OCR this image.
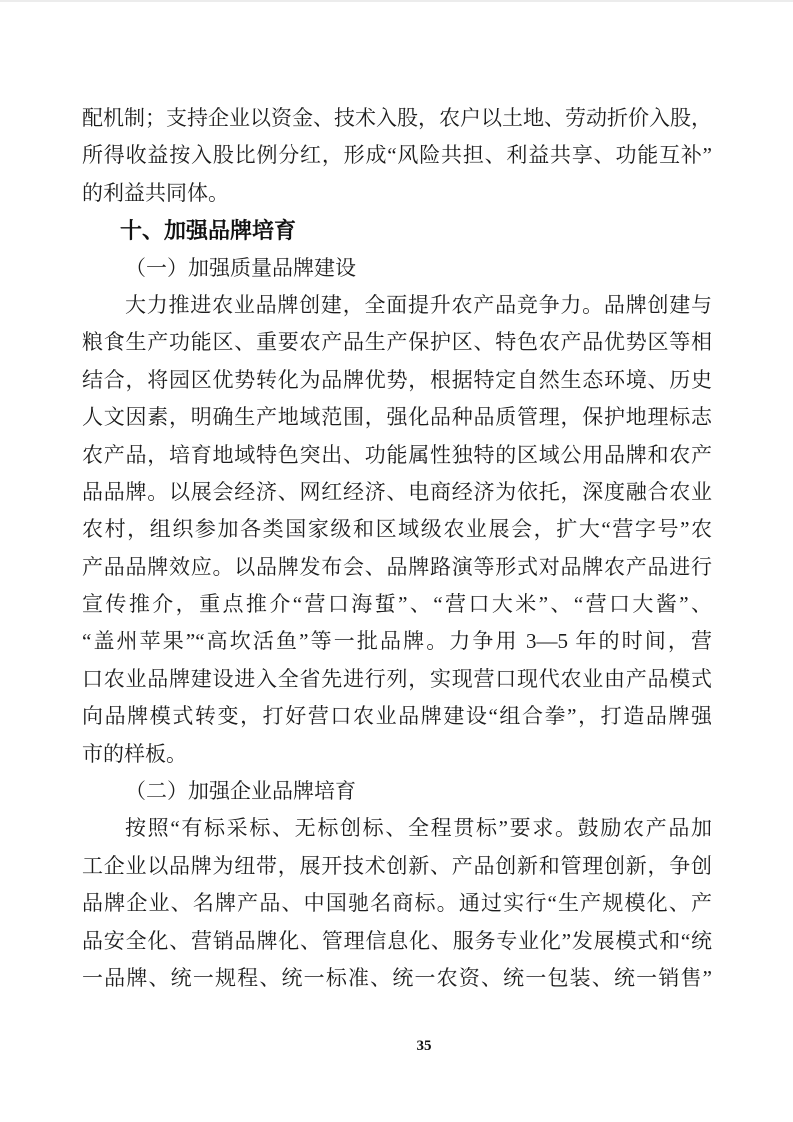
配机制；支持企业以资金、技术入股，农户以土地、劳动折价入股，
所得收益按入股比例分红，形成“风险共担、利益共享、功能互补”
的利益共同体。
十、加强品牌培育
（一）加强质量品牌建设
大力推进农业品牌创建，全面提升农产品竞争力。品牌创建与
粮食生产功能区、重要农产品生产保护区、特色农产品优势区等相
结合，将园区优势转化为品牌优势，根据特定自然生态环境、历史
人文因素，明确生产地域范围，强化品种品质管理，保护地理标志
农产品，培育地域特色突出、功能属性独特的区域公用品牌和农产
品品牌。以展会经济、网红经济、电商经济为依托，深度融合农业
农村，组织参加各类国家级和区域级农业展会，扩大“营字号”农
产品品牌效应。以品牌发布会、品牌路演等形式对品牌农产品进行
宣传推介，重点推介“营口海蜇”、“营口大米”、“营口大酱”、
“盖州苹果”“高坎活鱼”等一批品牌。力争用 3—5 年的时间，营
口农业品牌建设进入全省先进行列，实现营口现代农业由产品模式
向品牌模式转变，打好营口农业品牌建设“组合拳”，打造品牌强
市的样板。
（二）加强企业品牌培育
按照“有标采标、无标创标、全程贯标”要求。鼓励农产品加
工企业以品牌为纽带，展开技术创新、产品创新和管理创新，争创
品牌企业、名牌产品、中国驰名商标。通过实行“生产规模化、产
品安全化、营销品牌化、管理信息化、服务专业化”发展模式和“统
一品牌、统一规程、统一标准、统一农资、统一包装、统一销售”
35
